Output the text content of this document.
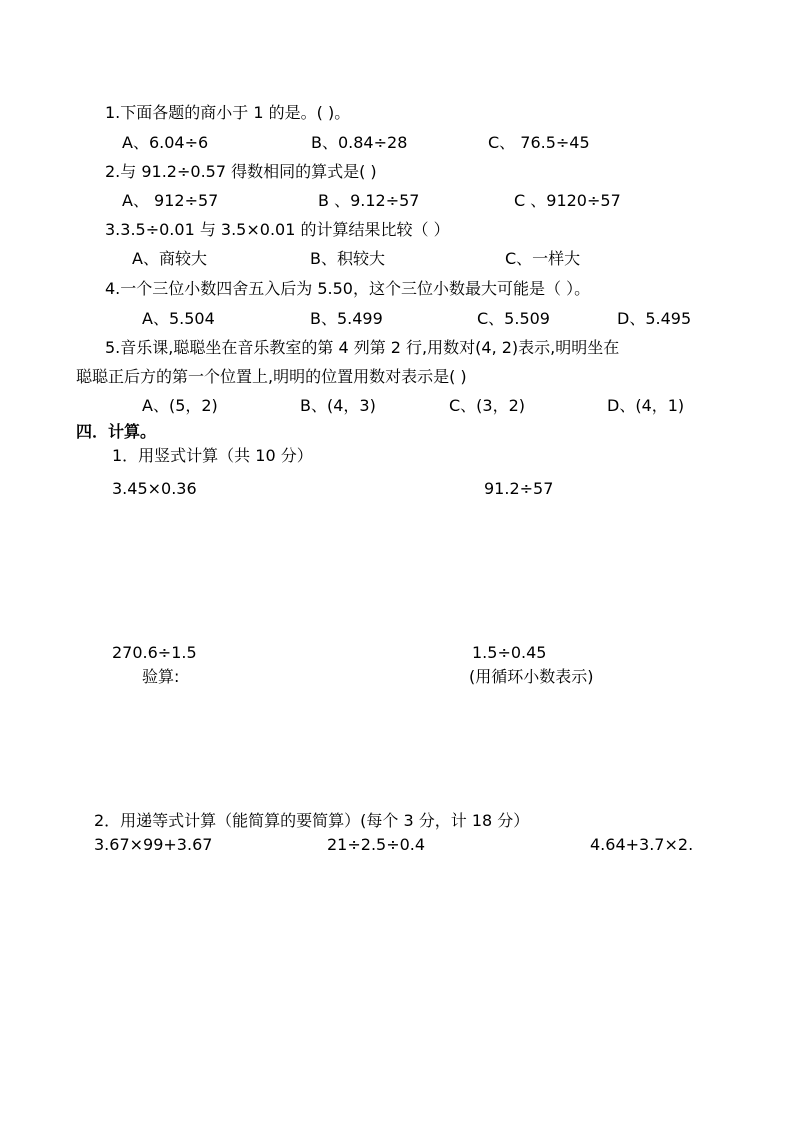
1.下面各题的商小于 1 的是。( )。
A、6.04÷6	B、0.84÷28	C、 76.5÷45
2.与 91.2÷0.57 得数相同的算式是( )
A、 912÷57	B 、9.12÷57	C 、9120÷57
3.3.5÷0.01 与 3.5×0.01 的计算结果比较（ ）
A、商较大	B、积较大	C、一样大
4.一个三位小数四舍五入后为 5.50，这个三位小数最大可能是（ ）。
A、5.504	B、5.499	C、5.509	D、5.495
5.音乐课,聪聪坐在音乐教室的第 4 列第 2 行,用数对(4, 2)表示,明明坐在
聪聪正后方的第一个位置上,明明的位置用数对表示是( )
A、(5，2)	B、(4，3)	C、(3，2)	D、(4，1)
四．计算。
1．用竖式计算（共 10 分）
3.45×0.36	91.2÷57
270.6÷1.5	1.5÷0.45
验算:	(用循环小数表示)
2．用递等式计算（能简算的要简算）(每个 3 分，计 18 分）
3.67×99+3.67	21÷2.5÷0.4	4.64+3.7×2.
